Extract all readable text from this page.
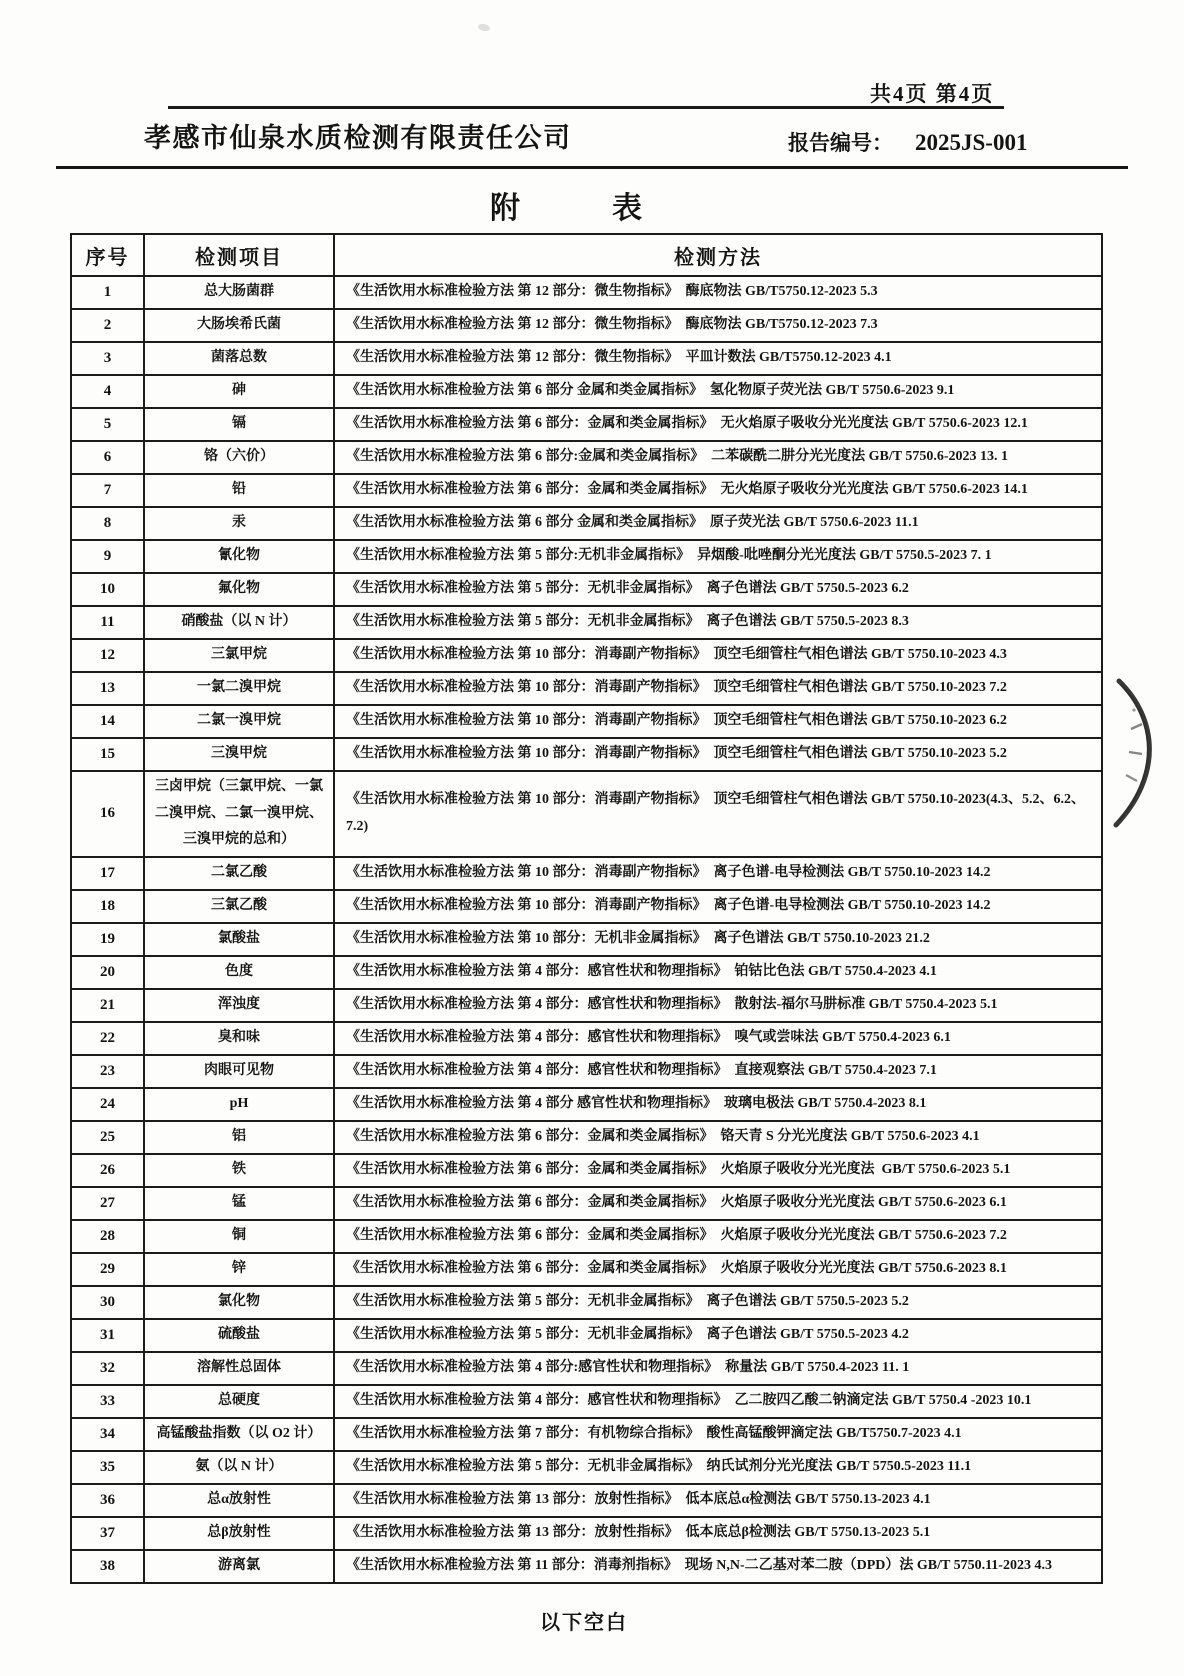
共4页 第4页
孝感市仙泉水质检测有限责任公司	报告编号： 2025JS-001
附	表
序号	检测项目	检测方法
1	总大肠菌群	《生活饮用水标准检验方法 第 12 部分：微生物指标》  酶底物法 GB/T5750.12-2023 5.3
2	大肠埃希氏菌	《生活饮用水标准检验方法 第 12 部分：微生物指标》  酶底物法 GB/T5750.12-2023 7.3
3	菌落总数	《生活饮用水标准检验方法 第 12 部分：微生物指标》  平皿计数法 GB/T5750.12-2023 4.1
4	砷	《生活饮用水标准检验方法 第 6 部分 金属和类金属指标》  氢化物原子荧光法 GB/T 5750.6-2023 9.1
5	镉	《生活饮用水标准检验方法 第 6 部分：金属和类金属指标》  无火焰原子吸收分光光度法 GB/T 5750.6-2023 12.1
6	铬（六价）	《生活饮用水标准检验方法 第 6 部分:金属和类金属指标》  二苯碳酰二肼分光光度法 GB/T 5750.6-2023 13. 1
7	铅	《生活饮用水标准检验方法 第 6 部分：金属和类金属指标》  无火焰原子吸收分光光度法 GB/T 5750.6-2023 14.1
8	汞	《生活饮用水标准检验方法 第 6 部分 金属和类金属指标》  原子荧光法 GB/T 5750.6-2023 11.1
9	氰化物	《生活饮用水标准检验方法 第 5 部分:无机非金属指标》  异烟酸-吡唑酮分光光度法 GB/T 5750.5-2023 7. 1
10	氟化物	《生活饮用水标准检验方法 第 5 部分：无机非金属指标》  离子色谱法 GB/T 5750.5-2023 6.2
11	硝酸盐（以 N 计）	《生活饮用水标准检验方法 第 5 部分：无机非金属指标》  离子色谱法 GB/T 5750.5-2023 8.3
12	三氯甲烷	《生活饮用水标准检验方法 第 10 部分：消毒副产物指标》  顶空毛细管柱气相色谱法 GB/T 5750.10-2023 4.3
13	一氯二溴甲烷	《生活饮用水标准检验方法 第 10 部分：消毒副产物指标》  顶空毛细管柱气相色谱法 GB/T 5750.10-2023 7.2
14	二氯一溴甲烷	《生活饮用水标准检验方法 第 10 部分：消毒副产物指标》  顶空毛细管柱气相色谱法 GB/T 5750.10-2023 6.2
15	三溴甲烷	《生活饮用水标准检验方法 第 10 部分：消毒副产物指标》  顶空毛细管柱气相色谱法 GB/T 5750.10-2023 5.2
16	三卤甲烷（三氯甲烷、一氯二溴甲烷、二氯一溴甲烷、三溴甲烷的总和）	《生活饮用水标准检验方法 第 10 部分：消毒副产物指标》  顶空毛细管柱气相色谱法 GB/T 5750.10-2023(4.3、5.2、6.2、7.2)
17	二氯乙酸	《生活饮用水标准检验方法 第 10 部分：消毒副产物指标》  离子色谱-电导检测法 GB/T 5750.10-2023 14.2
18	三氯乙酸	《生活饮用水标准检验方法 第 10 部分：消毒副产物指标》  离子色谱-电导检测法 GB/T 5750.10-2023 14.2
19	氯酸盐	《生活饮用水标准检验方法 第 10 部分：无机非金属指标》  离子色谱法 GB/T 5750.10-2023 21.2
20	色度	《生活饮用水标准检验方法 第 4 部分：感官性状和物理指标》  铂钴比色法 GB/T 5750.4-2023 4.1
21	浑浊度	《生活饮用水标准检验方法 第 4 部分：感官性状和物理指标》  散射法-福尔马肼标准 GB/T 5750.4-2023 5.1
22	臭和味	《生活饮用水标准检验方法 第 4 部分：感官性状和物理指标》  嗅气或尝味法 GB/T 5750.4-2023 6.1
23	肉眼可见物	《生活饮用水标准检验方法 第 4 部分：感官性状和物理指标》  直接观察法 GB/T 5750.4-2023 7.1
24	pH	《生活饮用水标准检验方法 第 4 部分 感官性状和物理指标》  玻璃电极法 GB/T 5750.4-2023 8.1
25	铝	《生活饮用水标准检验方法 第 6 部分：金属和类金属指标》  铬天青 S 分光光度法 GB/T 5750.6-2023 4.1
26	铁	《生活饮用水标准检验方法 第 6 部分：金属和类金属指标》  火焰原子吸收分光光度法  GB/T 5750.6-2023 5.1
27	锰	《生活饮用水标准检验方法 第 6 部分：金属和类金属指标》  火焰原子吸收分光光度法 GB/T 5750.6-2023 6.1
28	铜	《生活饮用水标准检验方法 第 6 部分：金属和类金属指标》  火焰原子吸收分光光度法 GB/T 5750.6-2023 7.2
29	锌	《生活饮用水标准检验方法 第 6 部分：金属和类金属指标》  火焰原子吸收分光光度法 GB/T 5750.6-2023 8.1
30	氯化物	《生活饮用水标准检验方法 第 5 部分：无机非金属指标》  离子色谱法 GB/T 5750.5-2023 5.2
31	硫酸盐	《生活饮用水标准检验方法 第 5 部分：无机非金属指标》  离子色谱法 GB/T 5750.5-2023 4.2
32	溶解性总固体	《生活饮用水标准检验方法 第 4 部分:感官性状和物理指标》  称量法 GB/T 5750.4-2023 11. 1
33	总硬度	《生活饮用水标准检验方法 第 4 部分：感官性状和物理指标》  乙二胺四乙酸二钠滴定法 GB/T 5750.4 -2023 10.1
34	高锰酸盐指数（以 O2 计）	《生活饮用水标准检验方法 第 7 部分：有机物综合指标》  酸性高锰酸钾滴定法 GB/T5750.7-2023 4.1
35	氨（以 N 计）	《生活饮用水标准检验方法 第 5 部分：无机非金属指标》  纳氏试剂分光光度法 GB/T 5750.5-2023 11.1
36	总α放射性	《生活饮用水标准检验方法 第 13 部分：放射性指标》  低本底总α检测法 GB/T 5750.13-2023 4.1
37	总β放射性	《生活饮用水标准检验方法 第 13 部分：放射性指标》  低本底总β检测法 GB/T 5750.13-2023 5.1
38	游离氯	《生活饮用水标准检验方法 第 11 部分：消毒剂指标》  现场 N,N-二乙基对苯二胺（DPD）法 GB/T 5750.11-2023 4.3
以下空白
